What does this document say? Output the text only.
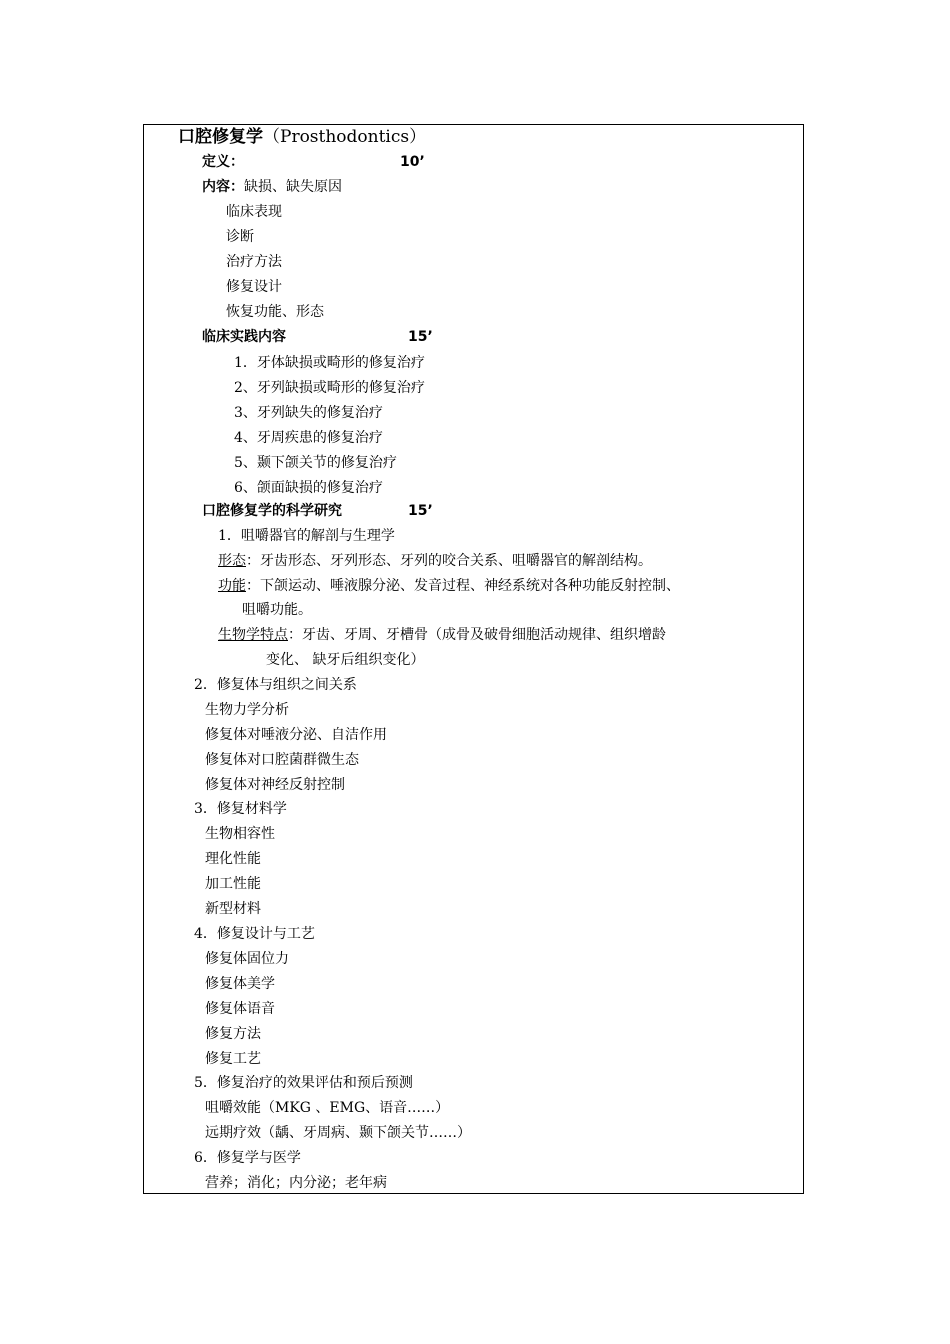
口腔修复学（Prosthodontics）
定义：	10’
内容：缺损、缺失原因
临床表现
诊断
治疗方法
修复设计
恢复功能、形态
临床实践内容	15’
1．牙体缺损或畸形的修复治疗
2、牙列缺损或畸形的修复治疗
3、牙列缺失的修复治疗
4、牙周疾患的修复治疗
5、颞下颌关节的修复治疗
6、颌面缺损的修复治疗
口腔修复学的科学研究	15’
1．咀嚼器官的解剖与生理学
形态：牙齿形态、牙列形态、牙列的咬合关系、咀嚼器官的解剖结构。
功能：下颌运动、唾液腺分泌、发音过程、神经系统对各种功能反射控制、
咀嚼功能。
生物学特点：牙齿、牙周、牙槽骨（成骨及破骨细胞活动规律、组织增龄
变化、 缺牙后组织变化）
2．修复体与组织之间关系
生物力学分析
修复体对唾液分泌、自洁作用
修复体对口腔菌群微生态
修复体对神经反射控制
3．修复材料学
生物相容性
理化性能
加工性能
新型材料
4．修复设计与工艺
修复体固位力
修复体美学
修复体语音
修复方法
修复工艺
5．修复治疗的效果评估和预后预测
咀嚼效能（MKG 、EMG、语音……）
远期疗效（龋、牙周病、颞下颌关节……）
6．修复学与医学
营养；消化；内分泌；老年病
